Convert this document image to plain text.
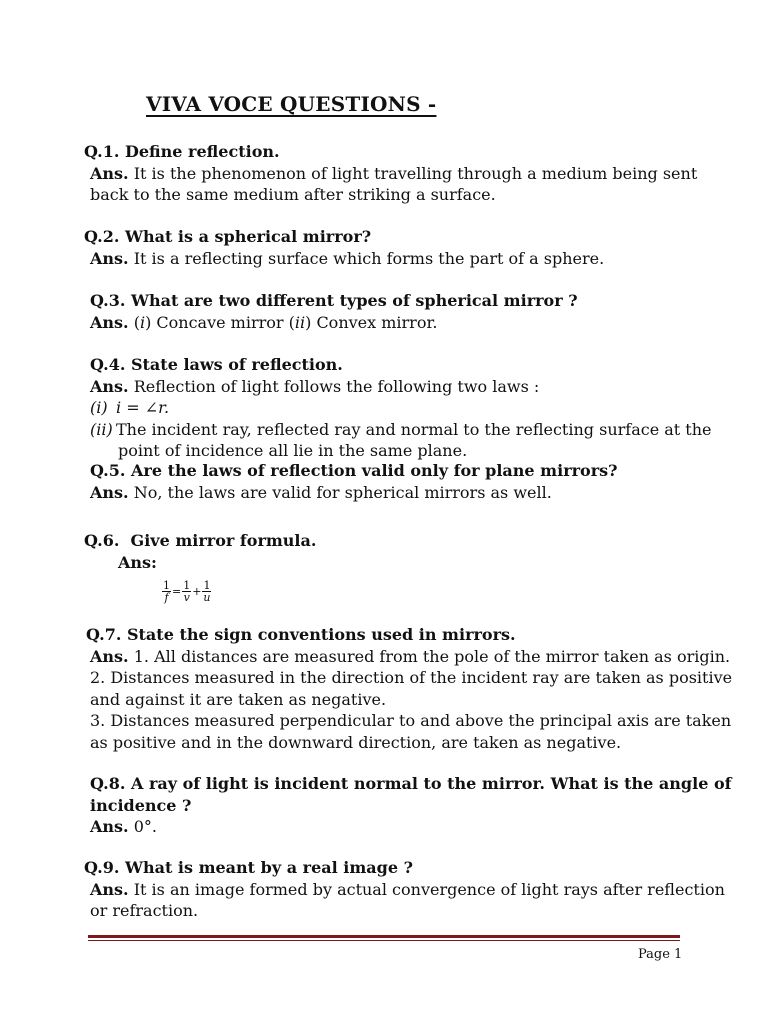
VIVA VOCE QUESTIONS -
Q.1. Define reflection.
Ans. It is the phenomenon of light travelling through a medium being sent
back to the same medium after striking a surface.
Q.2. What is a spherical mirror?
Ans. It is a reflecting surface which forms the part of a sphere.
Q.3. What are two different types of spherical mirror ?
Ans. (i) Concave mirror (ii) Convex mirror.
Q.4. State laws of reflection.
Ans. Reflection of light follows the following two laws :
(i) i = ∠r.
(ii) The incident ray, reflected ray and normal to the reflecting surface at the
point of incidence all lie in the same plane.
Q.5. Are the laws of reflection valid only for plane mirrors?
Ans. No, the laws are valid for spherical mirrors as well.
Q.6.  Give mirror formula.
Ans:
$\frac{1}{f} = \frac{1}{v} + \frac{1}{u}$
Q.7. State the sign conventions used in mirrors.
Ans. 1. All distances are measured from the pole of the mirror taken as origin.
2. Distances measured in the direction of the incident ray are taken as positive
and against it are taken as negative.
3. Distances measured perpendicular to and above the principal axis are taken
as positive and in the downward direction, are taken as negative.
Q.8. A ray of light is incident normal to the mirror. What is the angle of
incidence ?
Ans. 0°.
Q.9. What is meant by a real image ?
Ans. It is an image formed by actual convergence of light rays after reflection
or refraction.
Page 1
